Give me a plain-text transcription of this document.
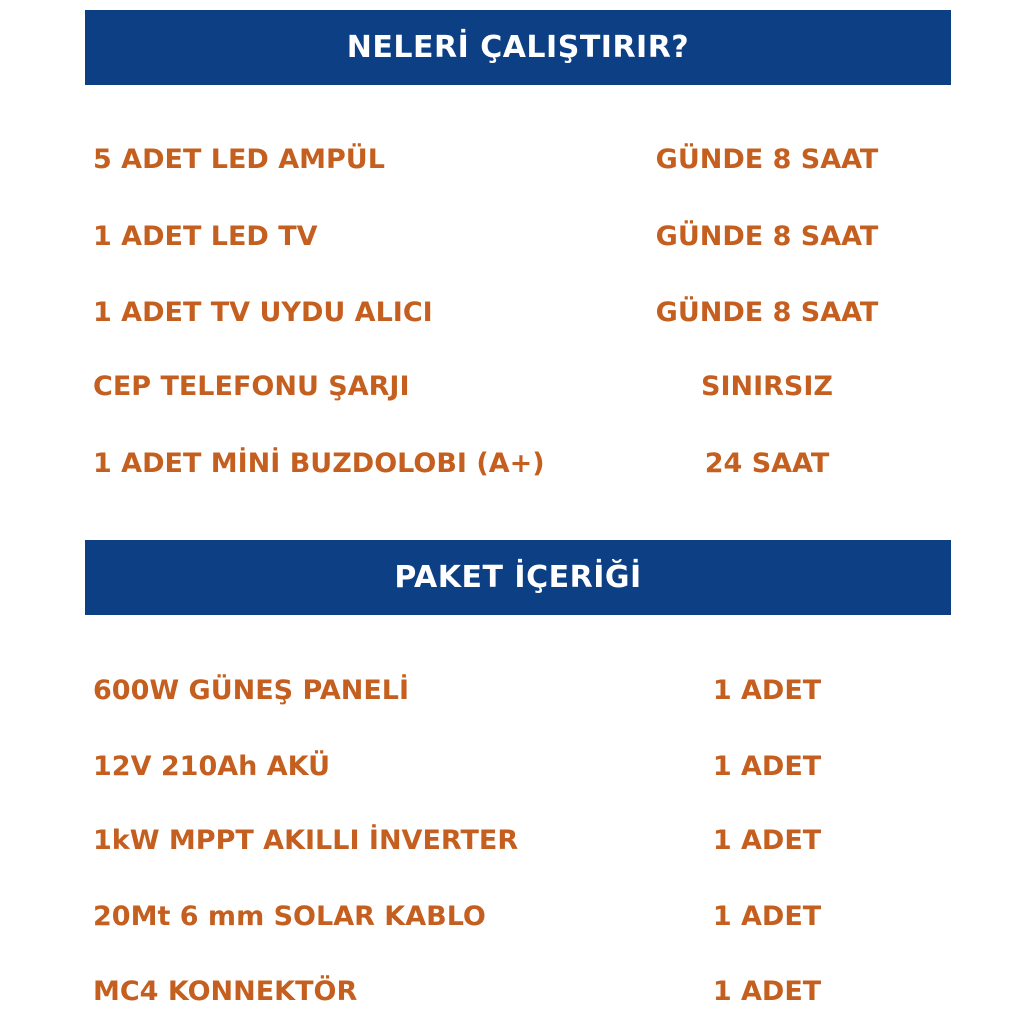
NELERİ ÇALIŞTIRIR?
5 ADET LED AMPÜL	GÜNDE 8 SAAT
1 ADET LED TV	GÜNDE 8 SAAT
1 ADET TV UYDU ALICI	GÜNDE 8 SAAT
CEP TELEFONU ŞARJI	SINIRSIZ
1 ADET MİNİ BUZDOLOBI (A+)	24 SAAT
PAKET İÇERİĞİ
600W GÜNEŞ PANELİ	1 ADET
12V 210Ah AKÜ	1 ADET
1kW MPPT AKILLI İNVERTER	1 ADET
20Mt 6 mm SOLAR KABLO	1 ADET
MC4 KONNEKTÖR	1 ADET
